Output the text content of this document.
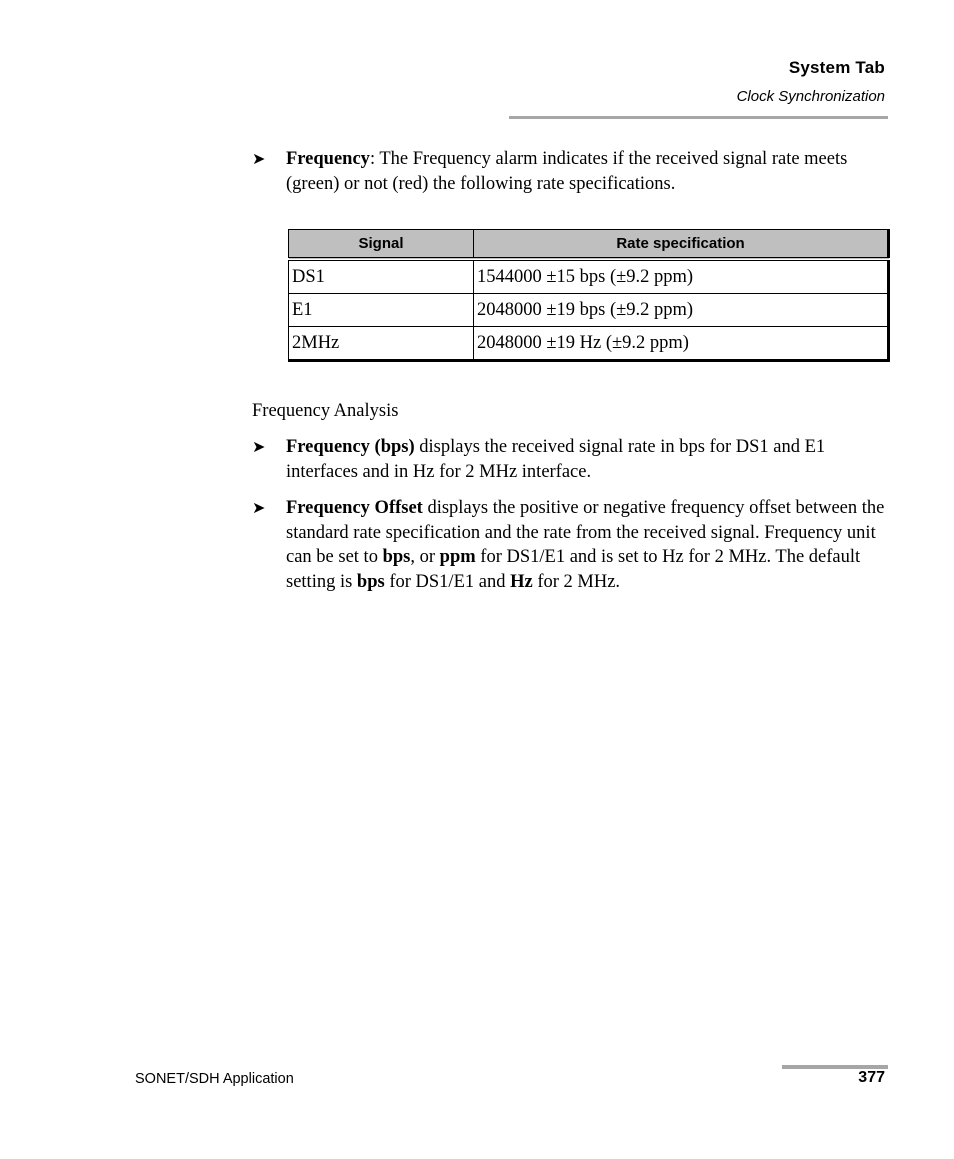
System Tab
Clock Synchronization
➤	Frequency: The Frequency alarm indicates if the received signal rate meets (green) or not (red) the following rate specifications.
Signal	Rate specification
DS1	1544000 ±15 bps (±9.2 ppm)
E1	2048000 ±19 bps (±9.2 ppm)
2MHz	2048000 ±19 Hz (±9.2 ppm)
Frequency Analysis
➤	Frequency (bps) displays the received signal rate in bps for DS1 and E1 interfaces and in Hz for 2 MHz interface.
➤	Frequency Offset displays the positive or negative frequency offset between the standard rate specification and the rate from the received signal. Frequency unit can be set to bps, or ppm for DS1/E1 and is set to Hz for 2 MHz. The default setting is bps for DS1/E1 and Hz for 2 MHz.
SONET/SDH Application	377
